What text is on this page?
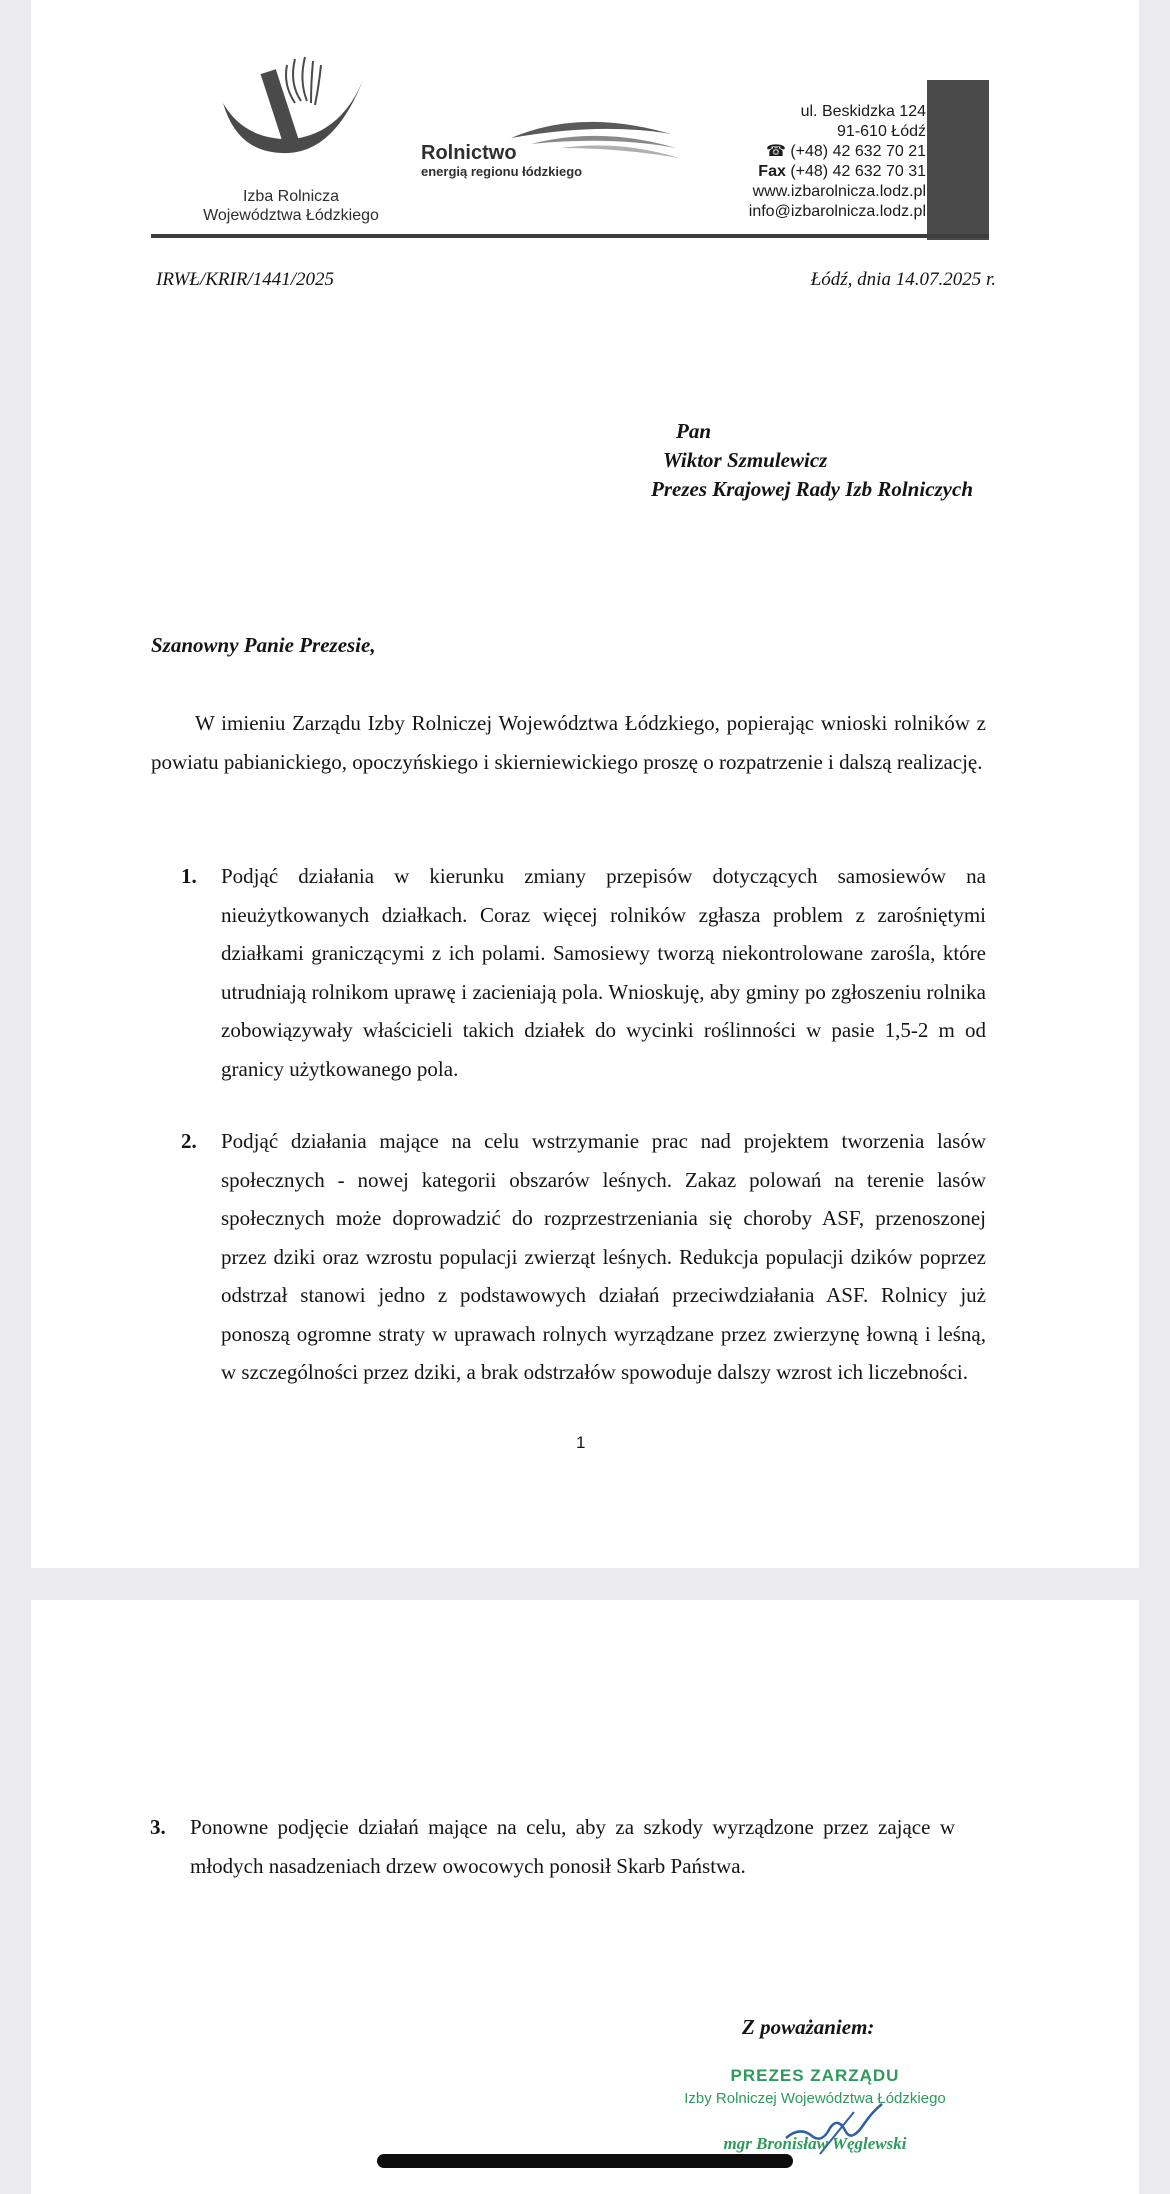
Izba Rolnicza
Województwa Łódzkiego
Rolnictwo
energią regionu łódzkiego
ul. Beskidzka 124
91-610 Łódź
☎ (+48) 42 632 70 21
Fax (+48) 42 632 70 31
www.izbarolnicza.lodz.pl
info@izbarolnicza.lodz.pl
IRWŁ/KRIR/1441/2025	Łódź, dnia 14.07.2025 r.
Pan
Wiktor Szmulewicz
Prezes Krajowej Rady Izb Rolniczych
Szanowny Panie Prezesie,
W imieniu Zarządu Izby Rolniczej Województwa Łódzkiego, popierając wnioski rolników z powiatu pabianickiego, opoczyńskiego i skierniewickiego proszę o rozpatrzenie i dalszą realizację.
1. Podjąć działania w kierunku zmiany przepisów dotyczących samosiewów na nieużytkowanych działkach. Coraz więcej rolników zgłasza problem z zarośniętymi działkami graniczącymi z ich polami. Samosiewy tworzą niekontrolowane zarośla, które utrudniają rolnikom uprawę i zacieniają pola. Wnioskuję, aby gminy po zgłoszeniu rolnika zobowiązywały właścicieli takich działek do wycinki roślinności w pasie 1,5-2 m od granicy użytkowanego pola.
2. Podjąć działania mające na celu wstrzymanie prac nad projektem tworzenia lasów społecznych - nowej kategorii obszarów leśnych. Zakaz polowań na terenie lasów społecznych może doprowadzić do rozprzestrzeniania się choroby ASF, przenoszonej przez dziki oraz wzrostu populacji zwierząt leśnych. Redukcja populacji dzików poprzez odstrzał stanowi jedno z podstawowych działań przeciwdziałania ASF. Rolnicy już ponoszą ogromne straty w uprawach rolnych wyrządzane przez zwierzynę łowną i leśną, w szczególności przez dziki, a brak odstrzałów spowoduje dalszy wzrost ich liczebności.
1
3. Ponowne podjęcie działań mające na celu, aby za szkody wyrządzone przez zające w młodych nasadzeniach drzew owocowych ponosił Skarb Państwa.
Z poważaniem:
PREZES ZARZĄDU
Izby Rolniczej Województwa Łódzkiego
mgr Bronisław Węglewski
